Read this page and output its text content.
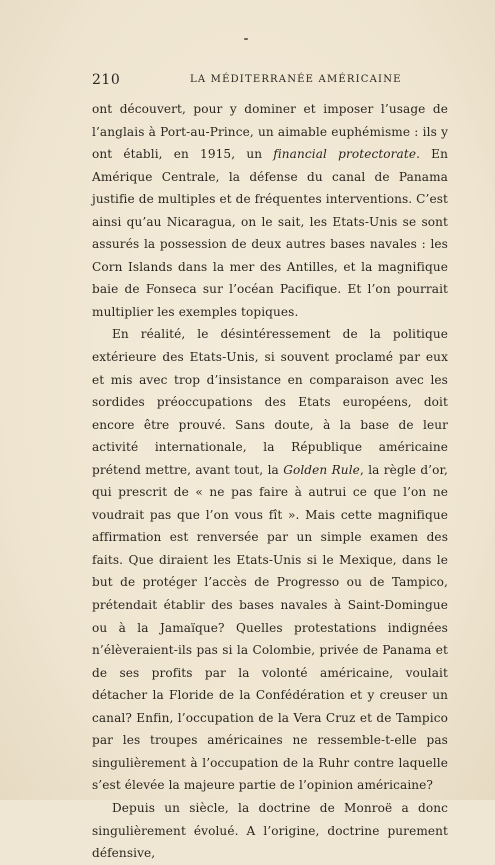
210	LA MÉDITERRANÉE AMÉRICAINE

ont découvert, pour y dominer et imposer l’usage de l’anglais à Port-au-Prince, un aimable euphémisme : ils y ont établi, en 1915, un financial protectorate. En Amérique Centrale, la défense du canal de Panama justifie de multiples et de fréquentes interventions. C’est ainsi qu’au Nicaragua, on le sait, les Etats-Unis se sont assurés la possession de deux autres bases navales : les Corn Islands dans la mer des Antilles, et la magnifique baie de Fonseca sur l’océan Pacifique. Et l’on pourrait multiplier les exemples topiques.

En réalité, le désintéressement de la politique extérieure des Etats-Unis, si souvent proclamé par eux et mis avec trop d’insistance en comparaison avec les sordides préoccupations des Etats européens, doit encore être prouvé. Sans doute, à la base de leur activité internationale, la République américaine prétend mettre, avant tout, la Golden Rule, la règle d’or, qui prescrit de « ne pas faire à autrui ce que l’on ne voudrait pas que l’on vous fît ». Mais cette magnifique affirmation est renversée par un simple examen des faits. Que diraient les Etats-Unis si le Mexique, dans le but de protéger l’accès de Progresso ou de Tampico, prétendait établir des bases navales à Saint-Domingue ou à la Jamaïque? Quelles protestations indignées n’élèveraient-ils pas si la Colombie, privée de Panama et de ses profits par la volonté américaine, voulait détacher la Floride de la Confédération et y creuser un canal? Enfin, l’occupation de la Vera Cruz et de Tampico par les troupes américaines ne ressemble-t-elle pas singulièrement à l’occupation de la Ruhr contre laquelle s’est élevée la majeure partie de l’opinion américaine?

Depuis un siècle, la doctrine de Monroë a donc singulièrement évolué. A l’origine, doctrine purement défensive,
